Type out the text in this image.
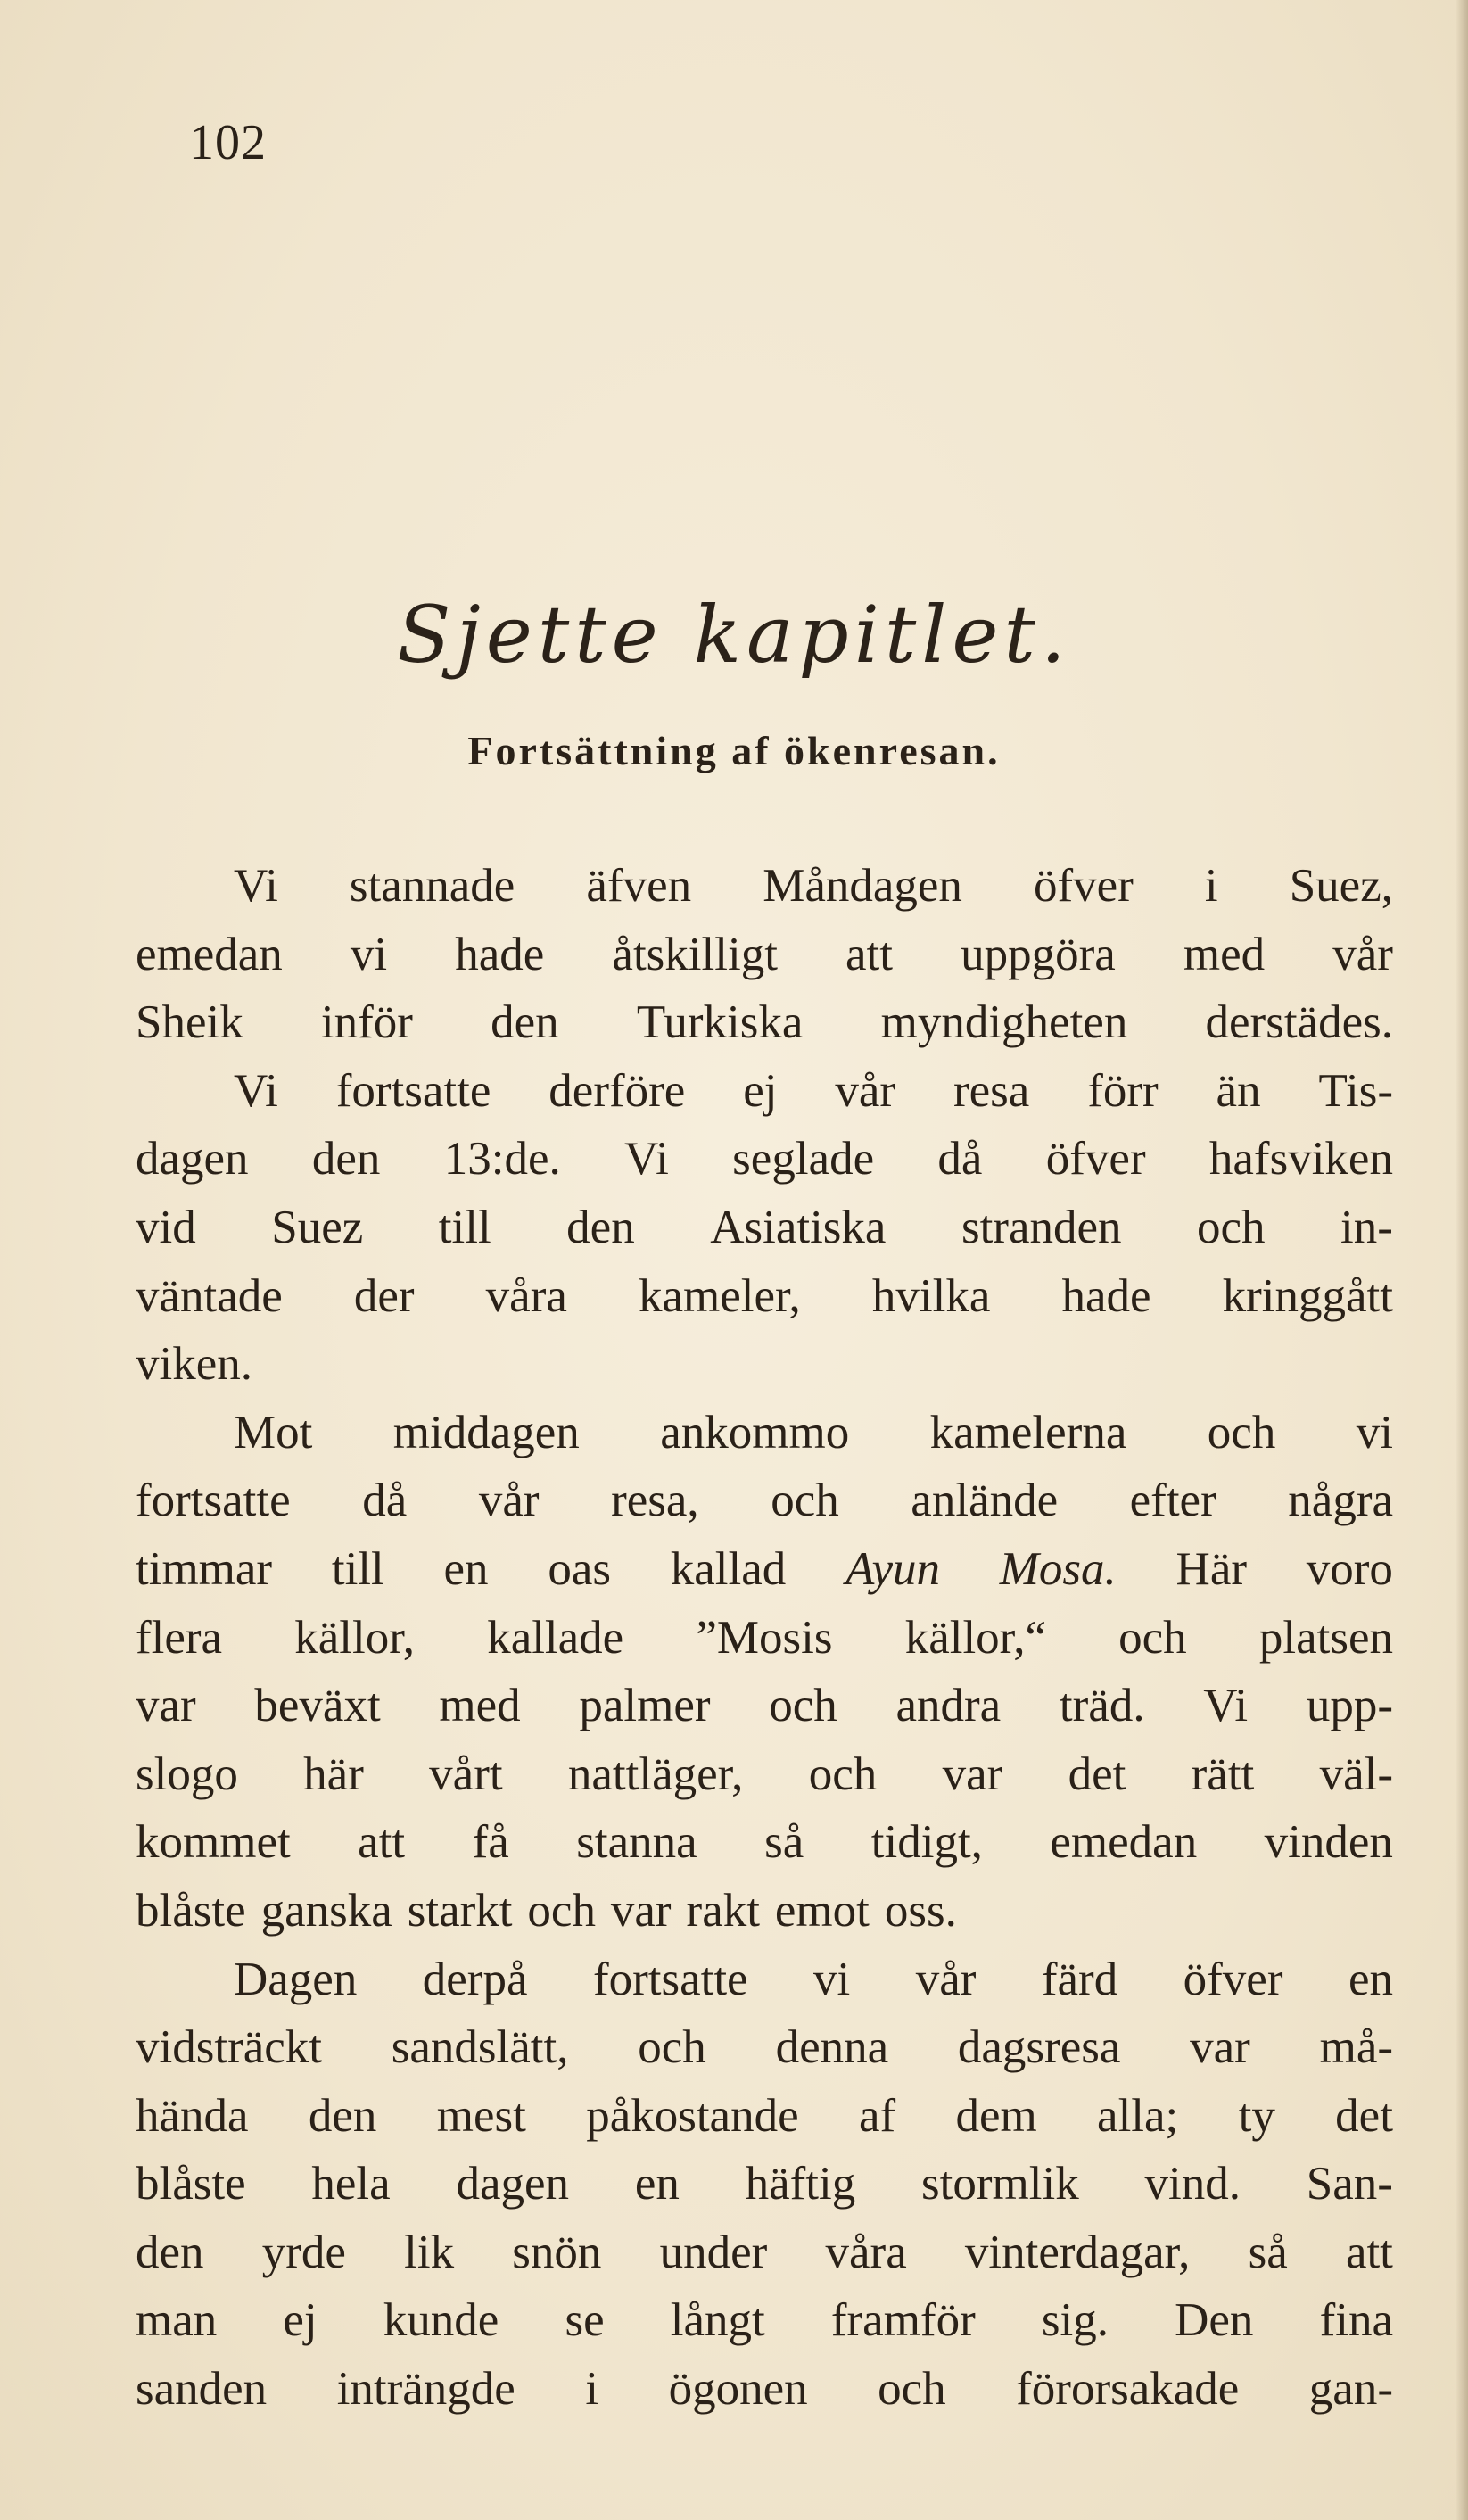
102
Sjette kapitlet.
Fortsättning af ökenresan.
Vi stannade äfven Måndagen öfver i Suez,
emedan vi hade åtskilligt att uppgöra med vår
Sheik inför den Turkiska myndigheten derstädes.
Vi fortsatte derföre ej vår resa förr än Tis-
dagen den 13:de. Vi seglade då öfver hafsviken
vid Suez till den Asiatiska stranden och in-
väntade der våra kameler, hvilka hade kringgått
viken.
Mot middagen ankommo kamelerna och vi
fortsatte då vår resa, och anlände efter några
timmar till en oas kallad Ayun Mosa. Här voro
flera källor, kallade ”Mosis källor,“ och platsen
var beväxt med palmer och andra träd. Vi upp-
slogo här vårt nattläger, och var det rätt väl-
kommet att få stanna så tidigt, emedan vinden
blåste ganska starkt och var rakt emot oss.
Dagen derpå fortsatte vi vår färd öfver en
vidsträckt sandslätt, och denna dagsresa var må-
hända den mest påkostande af dem alla; ty det
blåste hela dagen en häftig stormlik vind. San-
den yrde lik snön under våra vinterdagar, så att
man ej kunde se långt framför sig. Den fina
sanden inträngde i ögonen och förorsakade gan-
